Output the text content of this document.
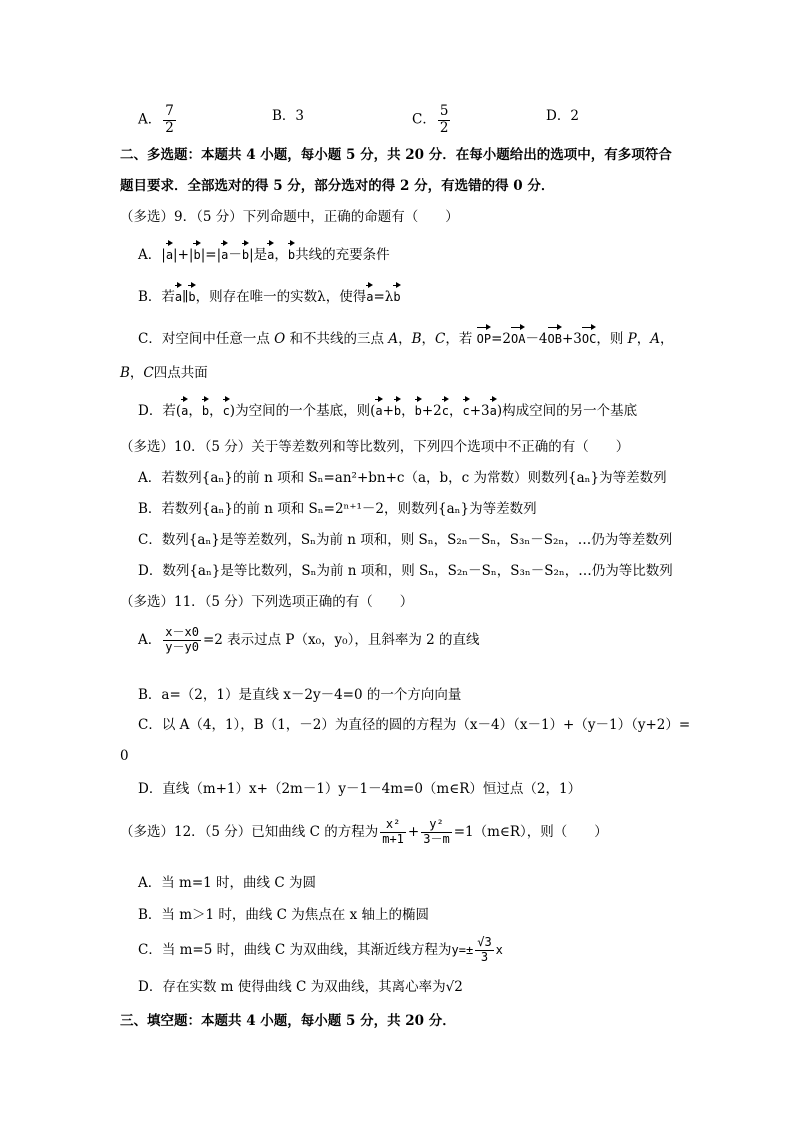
A． $\frac{7}{2}$	B．3	C． $\frac{5}{2}$	D．2
二、多选题：本题共 4 小题，每小题 5 分，共 20 分．在每小题给出的选项中，有多项符合
题目要求．全部选对的得 5 分，部分选对的得 2 分，有选错的得 0 分．
（多选）9．（5 分）下列命题中，正确的命题有（　　）
A．|a|+|b|=|a－b|是a，b共线的充要条件
B．若a∥b，则存在唯一的实数λ，使得a=λb
C．对空间中任意一点 O 和不共线的三点 A，B，C，若 OP=2OA－4OB+3OC，则 P，A，
B，C四点共面
D．若(a，b，c)为空间的一个基底，则(a+b，b+2c，c+3a)构成空间的另一个基底
（多选）10．（5 分）关于等差数列和等比数列，下列四个选项中不正确的有（　　）
A．若数列{aₙ}的前 n 项和 Sₙ=an²+bn+c（a，b，c 为常数）则数列{aₙ}为等差数列
B．若数列{aₙ}的前 n 项和 Sₙ=2ⁿ⁺¹－2，则数列{aₙ}为等差数列
C．数列{aₙ}是等差数列，Sₙ为前 n 项和，则 Sₙ，S₂ₙ－Sₙ，S₃ₙ－S₂ₙ，…仍为等差数列
D．数列{aₙ}是等比数列，Sₙ为前 n 项和，则 Sₙ，S₂ₙ－Sₙ，S₃ₙ－S₂ₙ，…仍为等比数列
（多选）11．（5 分）下列选项正确的有（　　）
A． $\frac{x-x0}{y-y0} =2$ 表示过点 P（x₀，y₀），且斜率为 2 的直线
B．a=（2，1）是直线 x－2y－4=0 的一个方向向量
C．以 A（4，1），B（1，－2）为直径的圆的方程为（x－4）（x－1）+（y－1）（y+2）=
0
D．直线（m+1）x+（2m－1）y－1－4m=0（m∈R）恒过点（2，1）
（多选）12．（5 分）已知曲线 C 的方程为 $\frac{\text{x²}}{m+1} + \frac{\text{y²}}{3-m}$ =1（m∈R），则（　　）
A．当 m=1 时，曲线 C 为圆
B．当 m＞1 时，曲线 C 为焦点在 x 轴上的椭圆
C．当 m=5 时，曲线 C 为双曲线，其渐近线方程为$y=\pm \frac{√3}{3}$ x
D．存在实数 m 使得曲线 C 为双曲线，其离心率为√2
三、填空题：本题共 4 小题，每小题 5 分，共 20 分．
